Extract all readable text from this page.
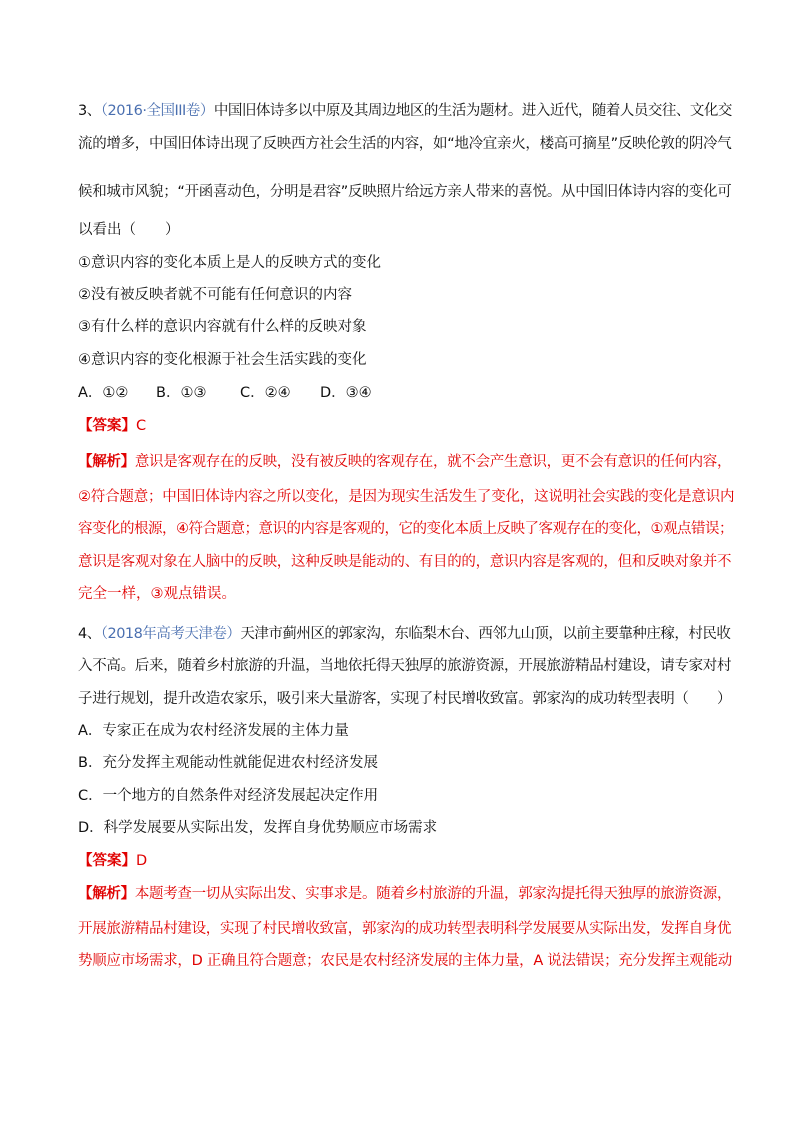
3、（2016·全国III卷）中国旧体诗多以中原及其周边地区的生活为题材。进入近代，随着人员交往、文化交
流的增多，中国旧体诗出现了反映西方社会生活的内容，如“地冷宜亲火，楼高可摘星”反映伦敦的阴冷气
候和城市风貌；“开函喜动色，分明是君容”反映照片给远方亲人带来的喜悦。从中国旧体诗内容的变化可
以看出（　　）
①意识内容的变化本质上是人的反映方式的变化
②没有被反映者就不可能有任何意识的内容
③有什么样的意识内容就有什么样的反映对象
④意识内容的变化根源于社会生活实践的变化
A．①② B．①③ C．②④ D．③④
【答案】C
【解析】意识是客观存在的反映，没有被反映的客观存在，就不会产生意识，更不会有意识的任何内容，
②符合题意；中国旧体诗内容之所以变化，是因为现实生活发生了变化，这说明社会实践的变化是意识内
容变化的根源，④符合题意；意识的内容是客观的，它的变化本质上反映了客观存在的变化，①观点错误；
意识是客观对象在人脑中的反映，这种反映是能动的、有目的的，意识内容是客观的，但和反映对象并不
完全一样，③观点错误。
4、（2018年高考天津卷）天津市蓟州区的郭家沟，东临梨木台、西邻九山顶，以前主要靠种庄稼，村民收
入不高。后来，随着乡村旅游的升温，当地依托得天独厚的旅游资源，开展旅游精品村建设，请专家对村
子进行规划，提升改造农家乐，吸引来大量游客，实现了村民增收致富。郭家沟的成功转型表明（　　）
A．专家正在成为农村经济发展的主体力量
B．充分发挥主观能动性就能促进农村经济发展
C．一个地方的自然条件对经济发展起决定作用
D．科学发展要从实际出发，发挥自身优势顺应市场需求
【答案】D
【解析】本题考查一切从实际出发、实事求是。随着乡村旅游的升温，郭家沟提托得天独厚的旅游资源，
开展旅游精品村建设，实现了村民增收致富，郭家沟的成功转型表明科学发展要从实际出发，发挥自身优
势顺应市场需求，D 正确且符合题意；农民是农村经济发展的主体力量，A 说法错误；充分发挥主观能动
